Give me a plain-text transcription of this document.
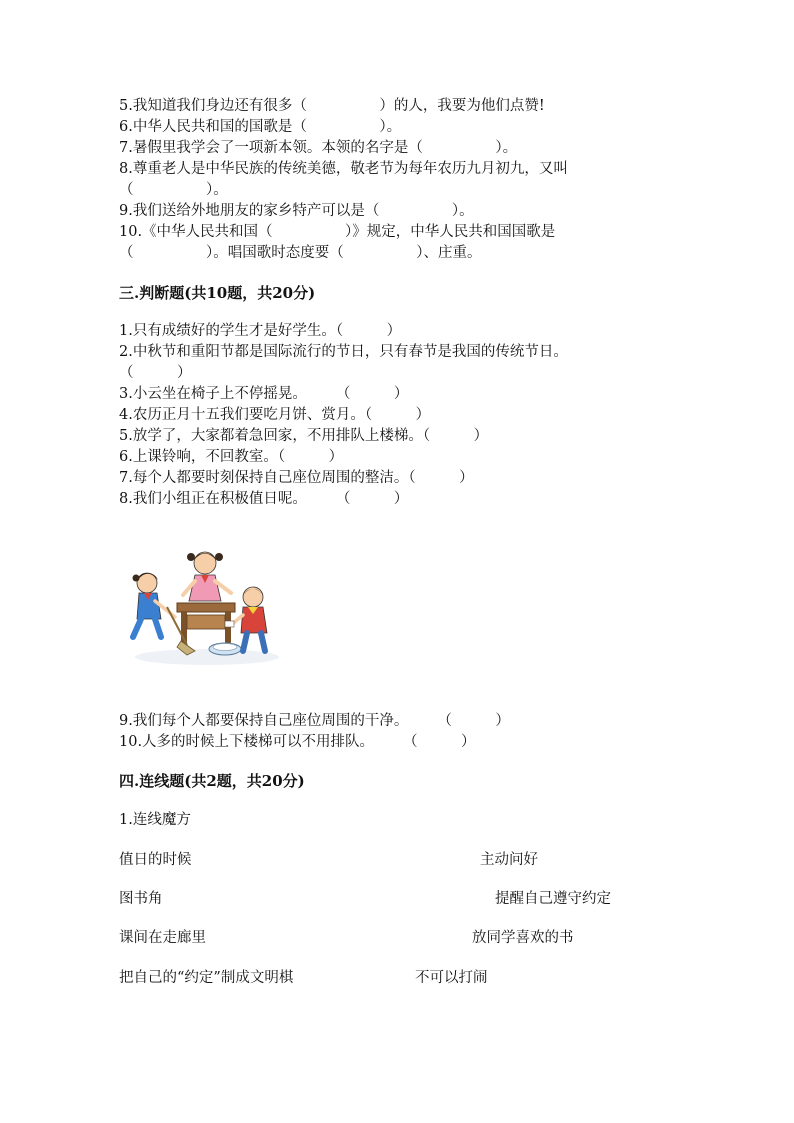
5.我知道我们身边还有很多（　　　　　）的人，我要为他们点赞!
6.中华人民共和国的国歌是（　　　　　）。
7.暑假里我学会了一项新本领。本领的名字是（　　　　　）。
8.尊重老人是中华民族的传统美德，敬老节为每年农历九月初九，又叫
（　　　　　）。
9.我们送给外地朋友的家乡特产可以是（　　　　　）。
10.《中华人民共和国（　　　　　）》规定，中华人民共和国国歌是
（　　　　　）。唱国歌时态度要（　　　　　）、庄重。
三.判断题(共10题，共20分)
1.只有成绩好的学生才是好学生。（　　　）
2.中秋节和重阳节都是国际流行的节日，只有春节是我国的传统节日。
（　　　）
3.小云坐在椅子上不停摇晃。　　　（　　　）
4.农历正月十五我们要吃月饼、赏月。（　　　）
5.放学了，大家都着急回家，不用排队上楼梯。（　　　）
6.上课铃响，不回教室。（　　　）
7.每个人都要时刻保持自己座位周围的整洁。（　　　）
8.我们小组正在积极值日呢。　　　（　　　）
9.我们每个人都要保持自己座位周围的干净。　　　（　　　）
10.人多的时候上下楼梯可以不用排队。　　　（　　　）
四.连线题(共2题，共20分)
1.连线魔方
值日的时候	主动问好
图书角	提醒自己遵守约定
课间在走廊里	放同学喜欢的书
把自己的“约定”制成文明棋	不可以打闹
